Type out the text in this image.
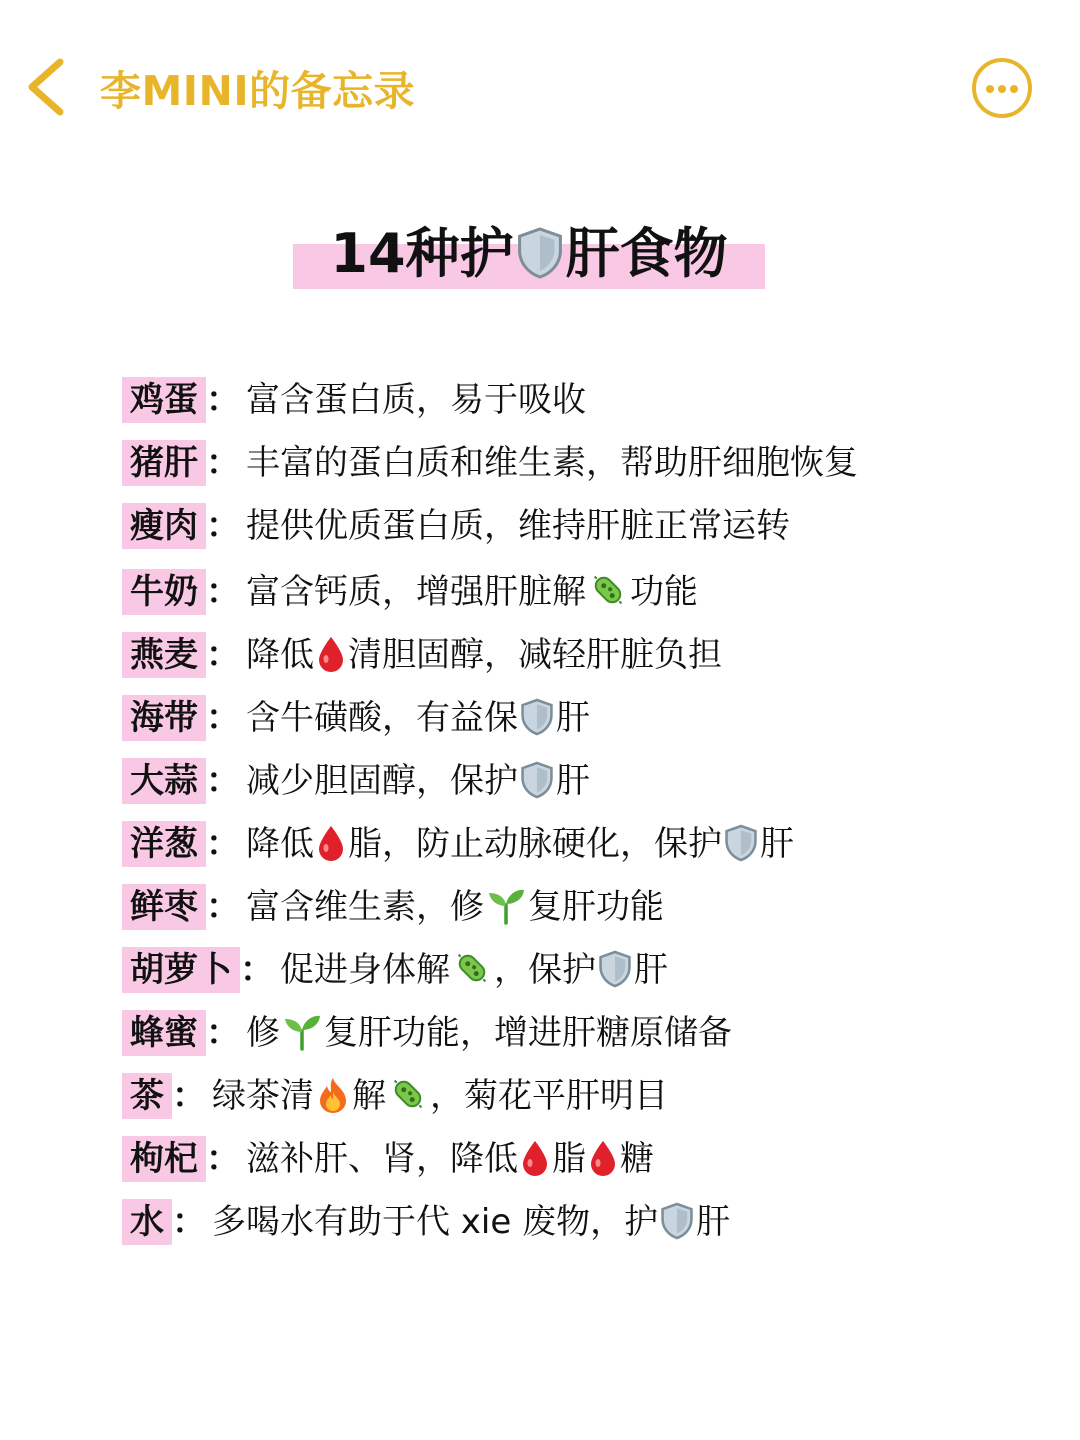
李MINI的备忘录
14种护 肝食物
鸡蛋 ： 富含蛋白质，易于吸收
猪肝 ： 丰富的蛋白质和维生素，帮助肝细胞恢复
瘦肉 ： 提供优质蛋白质，维持肝脏正常运转
牛奶 ： 富含钙质，增强肝脏解 功能
燕麦 ： 降低 清胆固醇，减轻肝脏负担
海带 ： 含牛磺酸，有益保 肝
大蒜 ： 减少胆固醇，保护 肝
洋葱 ： 降低 脂，防止动脉硬化，保护 肝
鲜枣 ： 富含维生素，修 复肝功能
胡萝卜 ： 促进身体解 ，保护 肝
蜂蜜 ： 修 复肝功能，增进肝糖原储备
茶 ： 绿茶清 解 ，菊花平肝明目
枸杞 ： 滋补肝、肾，降低 脂 糖
水 ： 多喝水有助于代 xie 废物，护 肝
